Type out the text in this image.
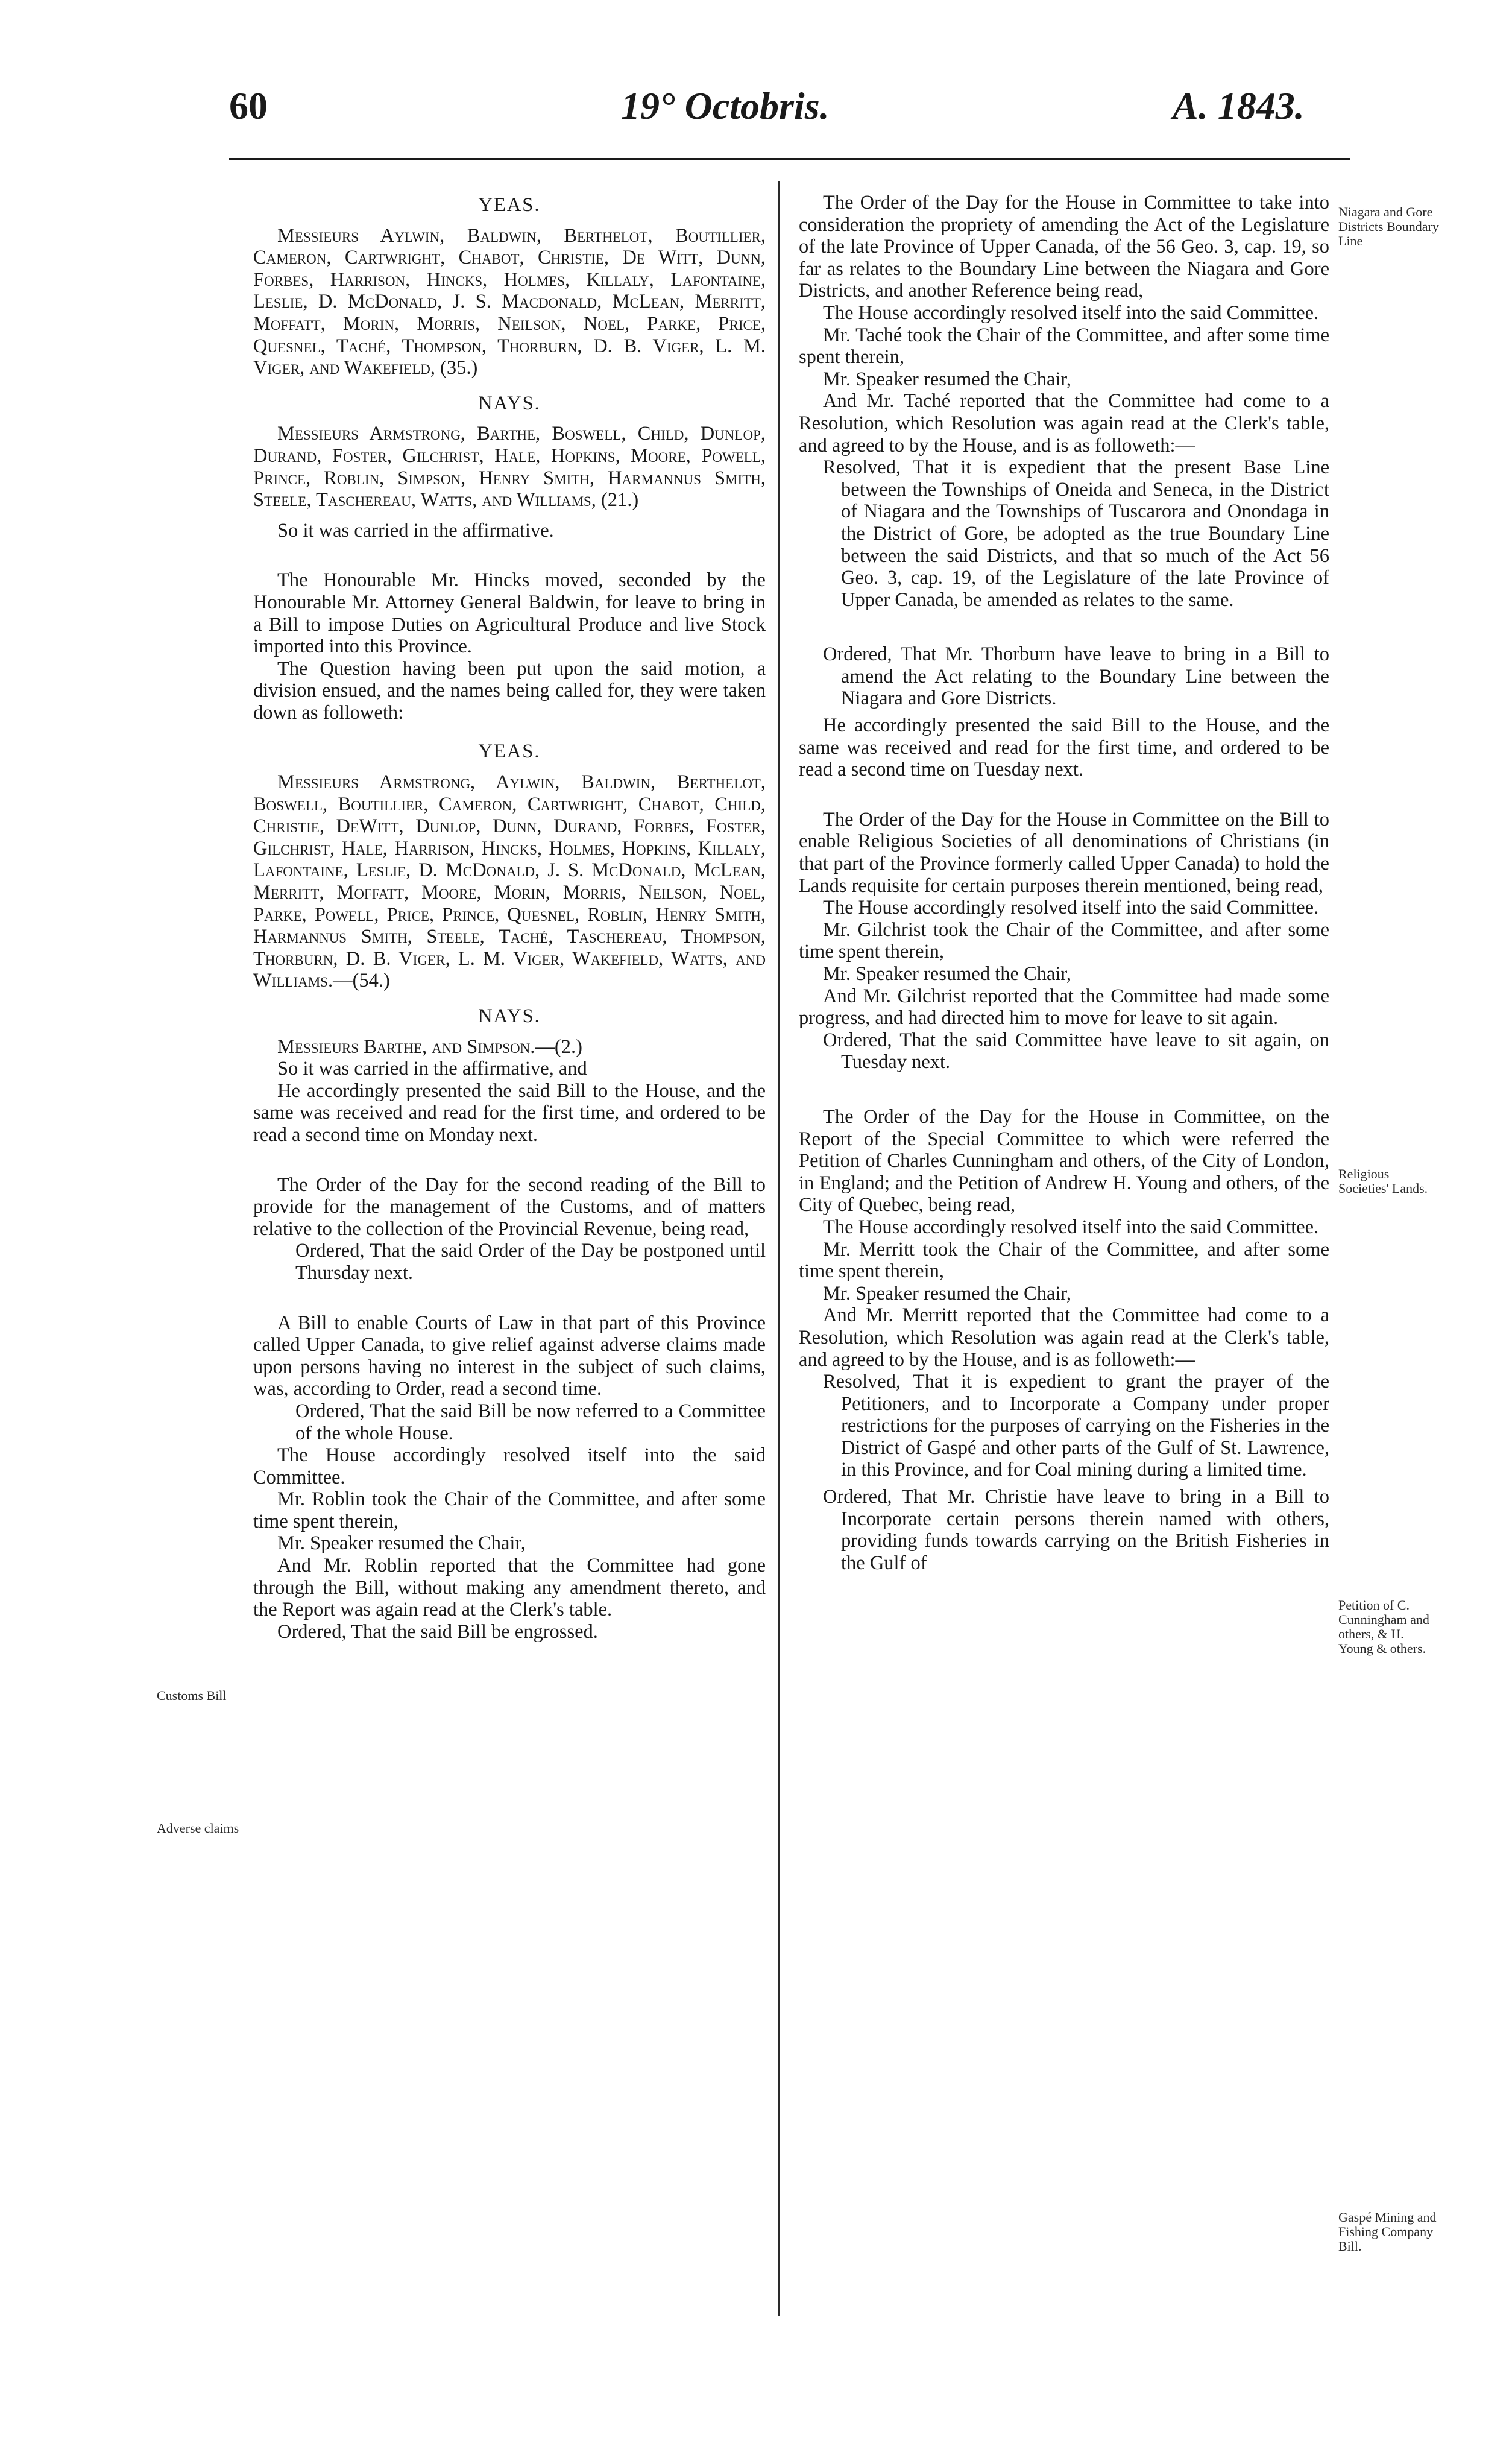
60	19° Octobris.	A. 1843.
Customs Bill
Adverse claims
Niagara and Gore Districts Boundary Line
Religious Societies' Lands.
Petition of C. Cunningham and others, & H. Young & others.
Gaspé Mining and Fishing Company Bill.
YEAS.

Messieurs Aylwin, Baldwin, Berthelot, Boutillier, Cameron, Cartwright, Chabot, Christie, De Witt, Dunn, Forbes, Harrison, Hincks, Holmes, Killaly, Lafontaine, Leslie, D. McDonald, J. S. Macdonald, McLean, Merritt, Moffatt, Morin, Morris, Neilson, Noel, Parke, Price, Quesnel, Taché, Thompson, Thorburn, D. B. Viger, L. M. Viger, and Wakefield, (35.)

NAYS.

Messieurs Armstrong, Barthe, Boswell, Child, Dunlop, Durand, Foster, Gilchrist, Hale, Hopkins, Moore, Powell, Prince, Roblin, Simpson, Henry Smith, Harmannus Smith, Steele, Taschereau, Watts, and Williams, (21.)

So it was carried in the affirmative.

The Honourable Mr. Hincks moved, seconded by the Honourable Mr. Attorney General Baldwin, for leave to bring in a Bill to impose Duties on Agricultural Produce and live Stock imported into this Province.

The Question having been put upon the said motion, a division ensued, and the names being called for, they were taken down as followeth:

YEAS.

Messieurs Armstrong, Aylwin, Baldwin, Berthelot, Boswell, Boutillier, Cameron, Cartwright, Chabot, Child, Christie, DeWitt, Dunlop, Dunn, Durand, Forbes, Foster, Gilchrist, Hale, Harrison, Hincks, Holmes, Hopkins, Killaly, Lafontaine, Leslie, D. McDonald, J. S. McDonald, McLean, Merritt, Moffatt, Moore, Morin, Morris, Neilson, Noel, Parke, Powell, Price, Prince, Quesnel, Roblin, Henry Smith, Harmannus Smith, Steele, Taché, Taschereau, Thompson, Thorburn, D. B. Viger, L. M. Viger, Wakefield, Watts, and Williams.—(54.)

NAYS.

Messieurs Barthe, and Simpson.—(2.)

So it was carried in the affirmative, and

He accordingly presented the said Bill to the House, and the same was received and read for the first time, and ordered to be read a second time on Monday next.

The Order of the Day for the second reading of the Bill to provide for the management of the Customs, and of matters relative to the collection of the Provincial Revenue, being read,

Ordered, That the said Order of the Day be postponed until Thursday next.

A Bill to enable Courts of Law in that part of this Province called Upper Canada, to give relief against adverse claims made upon persons having no interest in the subject of such claims, was, according to Order, read a second time.

Ordered, That the said Bill be now referred to a Committee of the whole House.

The House accordingly resolved itself into the said Committee.

Mr. Roblin took the Chair of the Committee, and after some time spent therein,

Mr. Speaker resumed the Chair,

And Mr. Roblin reported that the Committee had gone through the Bill, without making any amendment thereto, and the Report was again read at the Clerk's table.

Ordered, That the said Bill be engrossed.

The Order of the Day for the House in Committee to take into consideration the propriety of amending the Act of the Legislature of the late Province of Upper Canada, of the 56 Geo. 3, cap. 19, so far as relates to the Boundary Line between the Niagara and Gore Districts, and another Reference being read,

The House accordingly resolved itself into the said Committee.

Mr. Taché took the Chair of the Committee, and after some time spent therein,

Mr. Speaker resumed the Chair,

And Mr. Taché reported that the Committee had come to a Resolution, which Resolution was again read at the Clerk's table, and agreed to by the House, and is as followeth:—

Resolved, That it is expedient that the present Base Line between the Townships of Oneida and Seneca, in the District of Niagara and the Townships of Tuscarora and Onondaga in the District of Gore, be adopted as the true Boundary Line between the said Districts, and that so much of the Act 56 Geo. 3, cap. 19, of the Legislature of the late Province of Upper Canada, be amended as relates to the same.

Ordered, That Mr. Thorburn have leave to bring in a Bill to amend the Act relating to the Boundary Line between the Niagara and Gore Districts.

He accordingly presented the said Bill to the House, and the same was received and read for the first time, and ordered to be read a second time on Tuesday next.

The Order of the Day for the House in Committee on the Bill to enable Religious Societies of all denominations of Christians (in that part of the Province formerly called Upper Canada) to hold the Lands requisite for certain purposes therein mentioned, being read,

The House accordingly resolved itself into the said Committee.

Mr. Gilchrist took the Chair of the Committee, and after some time spent therein,

Mr. Speaker resumed the Chair,

And Mr. Gilchrist reported that the Committee had made some progress, and had directed him to move for leave to sit again.

Ordered, That the said Committee have leave to sit again, on Tuesday next.

The Order of the Day for the House in Committee, on the Report of the Special Committee to which were referred the Petition of Charles Cunningham and others, of the City of London, in England; and the Petition of Andrew H. Young and others, of the City of Quebec, being read,

The House accordingly resolved itself into the said Committee.

Mr. Merritt took the Chair of the Committee, and after some time spent therein,

Mr. Speaker resumed the Chair,

And Mr. Merritt reported that the Committee had come to a Resolution, which Resolution was again read at the Clerk's table, and agreed to by the House, and is as followeth:—

Resolved, That it is expedient to grant the prayer of the Petitioners, and to Incorporate a Company under proper restrictions for the purposes of carrying on the Fisheries in the District of Gaspé and other parts of the Gulf of St. Lawrence, in this Province, and for Coal mining during a limited time.

Ordered, That Mr. Christie have leave to bring in a Bill to Incorporate certain persons therein named with others, providing funds towards carrying on the British Fisheries in the Gulf of
